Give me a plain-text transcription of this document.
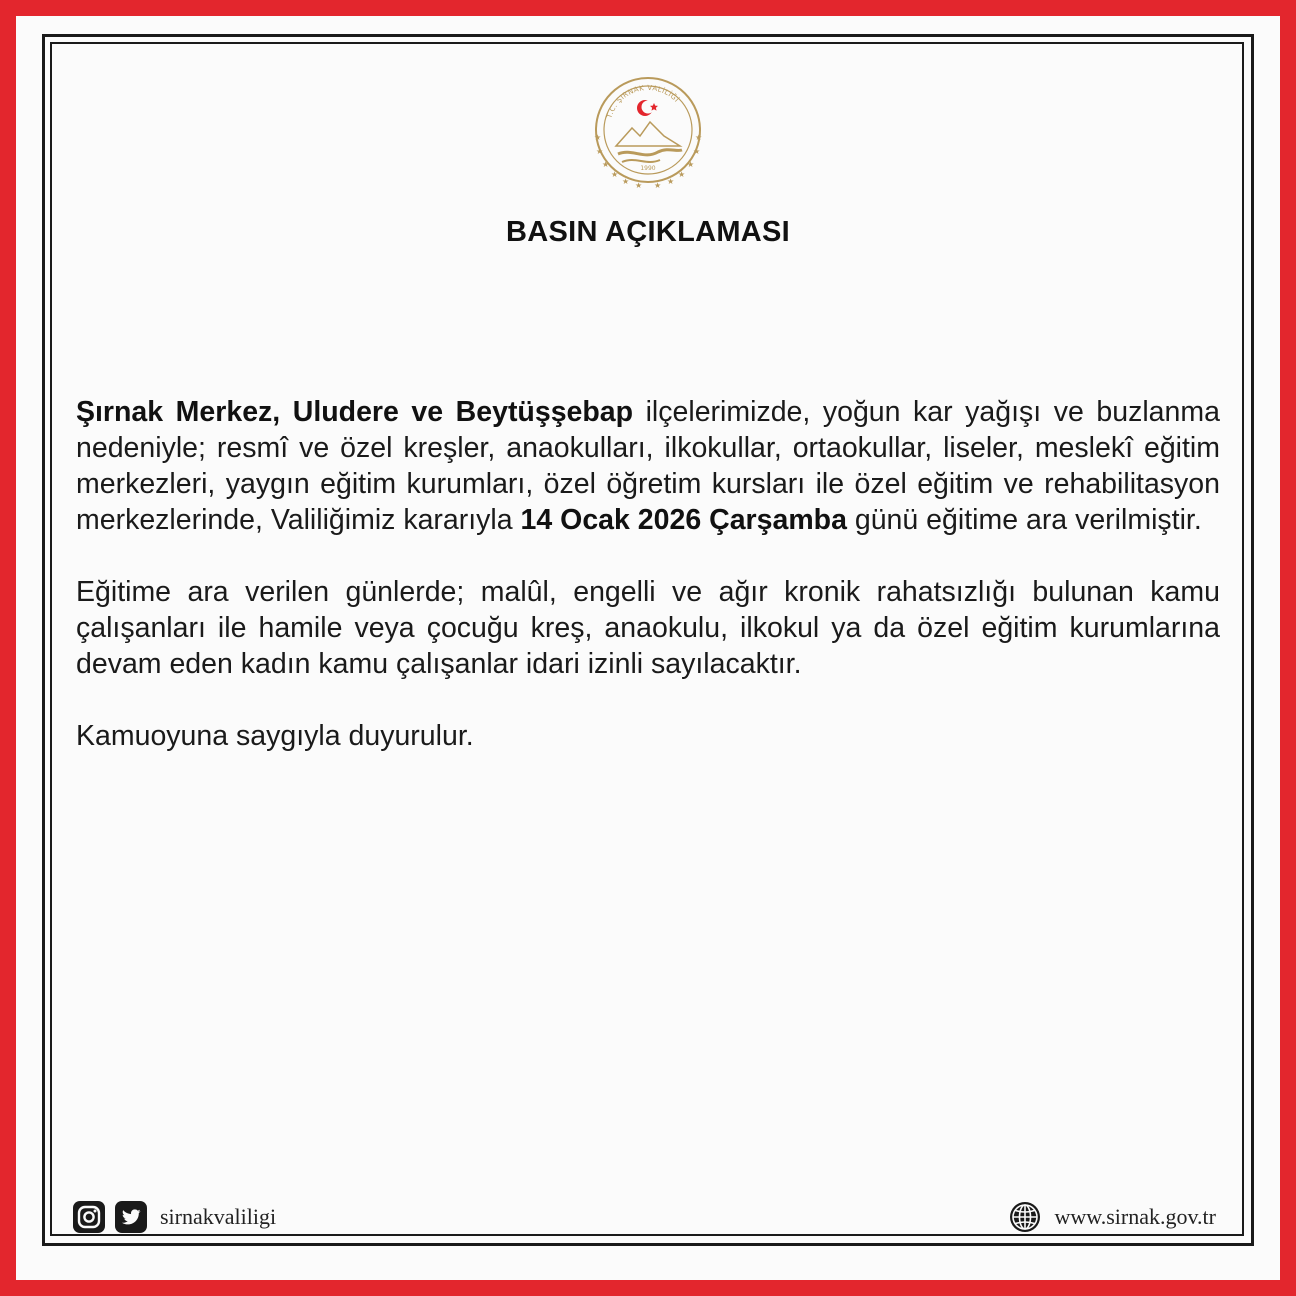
★
★
★
★
★ ★ ★ ★
★
★
★
★
T.C. ŞIRNAK VALİLİĞİ
1990
BASIN AÇIKLAMASI

Şırnak Merkez, Uludere ve Beytüşşebap ilçelerimizde, yoğun kar yağışı ve buzlanma nedeniyle; resmî ve özel kreşler, anaokulları, ilkokullar, ortaokullar, liseler, meslekî eğitim merkezleri, yaygın eğitim kurumları, özel öğretim kursları ile özel eğitim ve rehabilitasyon merkezlerinde, Valiliğimiz kararıyla 14 Ocak 2026 Çarşamba günü eğitime ara verilmiştir.

Eğitime ara verilen günlerde; malûl, engelli ve ağır kronik rahatsızlığı bulunan kamu çalışanları ile hamile veya çocuğu kreş, anaokulu, ilkokul ya da özel eğitim kurumlarına devam eden kadın kamu çalışanlar idari izinli sayılacaktır.

Kamuoyuna saygıyla duyurulur.

sirnakvaliligi	www.sirnak.gov.tr
